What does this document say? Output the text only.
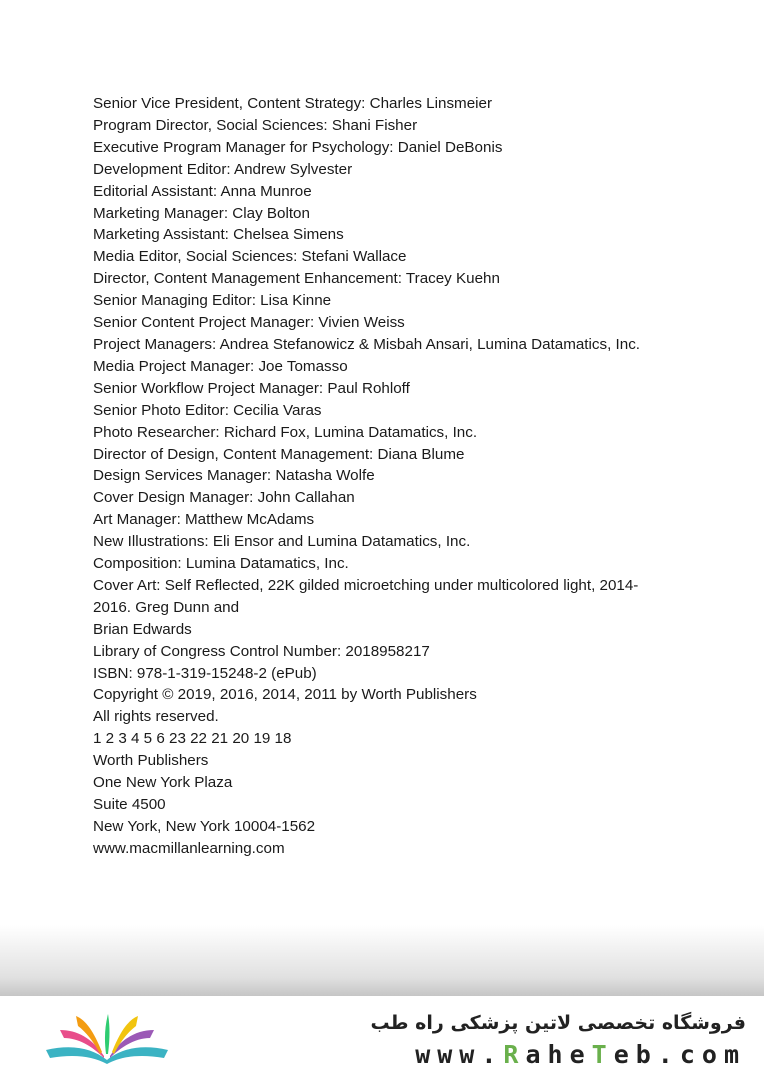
Senior Vice President, Content Strategy: Charles Linsmeier

Program Director, Social Sciences: Shani Fisher

Executive Program Manager for Psychology: Daniel DeBonis

Development Editor: Andrew Sylvester

Editorial Assistant: Anna Munroe

Marketing Manager: Clay Bolton

Marketing Assistant: Chelsea Simens

Media Editor, Social Sciences: Stefani Wallace

Director, Content Management Enhancement: Tracey Kuehn

Senior Managing Editor: Lisa Kinne

Senior Content Project Manager: Vivien Weiss

Project Managers: Andrea Stefanowicz & Misbah Ansari, Lumina Datamatics, Inc.

Media Project Manager: Joe Tomasso

Senior Workflow Project Manager: Paul Rohloff

Senior Photo Editor: Cecilia Varas

Photo Researcher: Richard Fox, Lumina Datamatics, Inc.

Director of Design, Content Management: Diana Blume

Design Services Manager: Natasha Wolfe

Cover Design Manager: John Callahan

Art Manager: Matthew McAdams

New Illustrations: Eli Ensor and Lumina Datamatics, Inc.

Composition: Lumina Datamatics, Inc.

Cover Art: Self Reflected, 22K gilded microetching under multicolored light, 2014-2016. Greg Dunn and

Brian Edwards

Library of Congress Control Number: 2018958217

ISBN: 978-1-319-15248-2 (ePub)

Copyright © 2019, 2016, 2014, 2011 by Worth Publishers

All rights reserved.

1 2 3 4 5 6 23 22 21 20 19 18

Worth Publishers

One New York Plaza

Suite 4500

New York, New York 10004-1562

www.macmillanlearning.com

فروشگاه تخصصی لاتین پزشکی راه طب
www.RaheTeb.com
